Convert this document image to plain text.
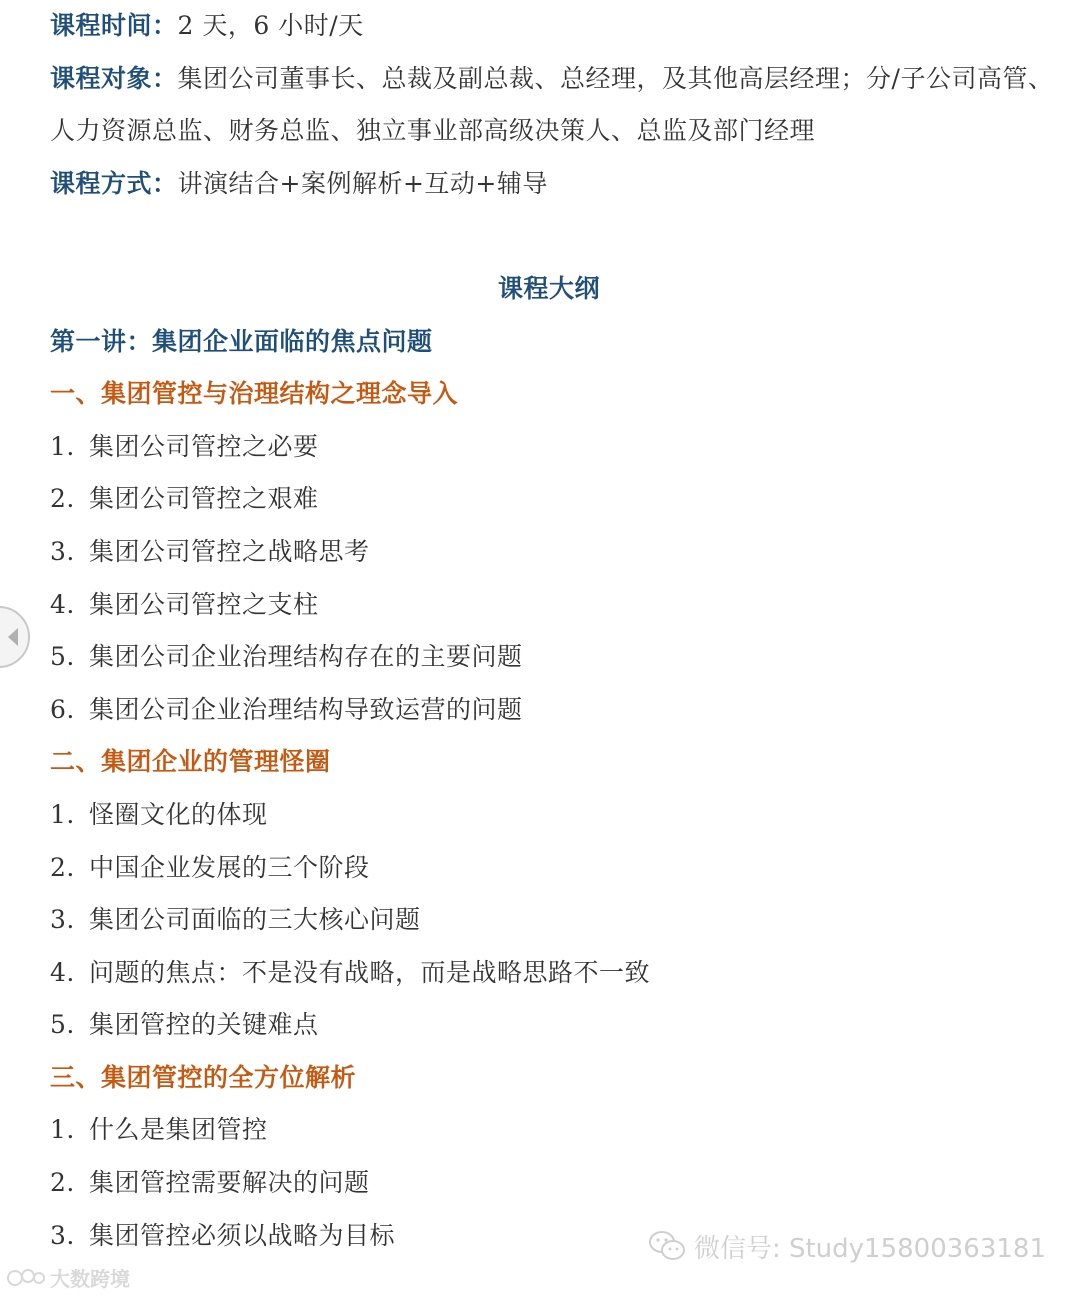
课程时间：2 天，6 小时/天
课程对象：集团公司董事长、总裁及副总裁、总经理，及其他高层经理；分/子公司高管、
人力资源总监、财务总监、独立事业部高级决策人、总监及部门经理
课程方式：讲演结合+案例解析+互动+辅导
课程大纲
第一讲：集团企业面临的焦点问题
一、集团管控与治理结构之理念导入
1. 集团公司管控之必要
2. 集团公司管控之艰难
3. 集团公司管控之战略思考
4. 集团公司管控之支柱
5. 集团公司企业治理结构存在的主要问题
6. 集团公司企业治理结构导致运营的问题
二、集团企业的管理怪圈
1. 怪圈文化的体现
2. 中国企业发展的三个阶段
3. 集团公司面临的三大核心问题
4. 问题的焦点：不是没有战略，而是战略思路不一致
5. 集团管控的关键难点
三、集团管控的全方位解析
1. 什么是集团管控
2. 集团管控需要解决的问题
3. 集团管控必须以战略为目标	微信号: Study15800363181
大数跨境
